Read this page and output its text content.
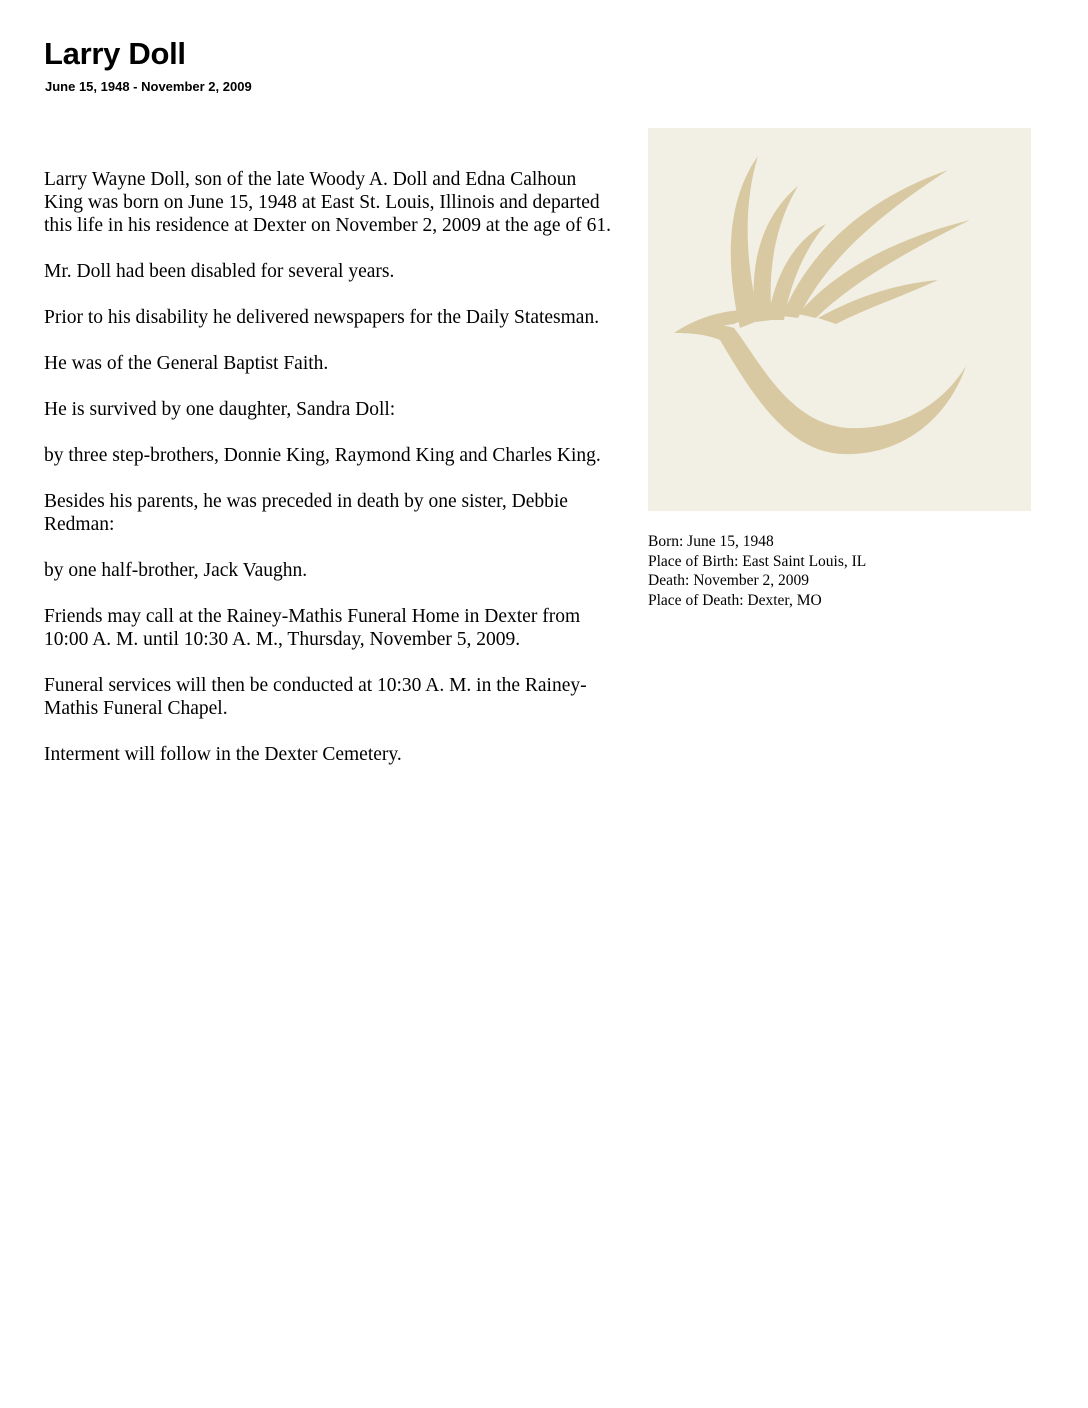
Larry Doll
June 15, 1948 - November 2, 2009

Larry Wayne Doll, son of the late Woody A. Doll and Edna Calhoun King was born on June 15, 1948 at East St. Louis, Illinois and departed this life in his residence at Dexter on November 2, 2009 at the age of 61.

Mr. Doll had been disabled for several years.

Prior to his disability he delivered newspapers for the Daily Statesman.

He was of the General Baptist Faith.

He is survived by one daughter, Sandra Doll:

by three step-brothers, Donnie King, Raymond King and Charles King.

Besides his parents, he was preceded in death by one sister, Debbie Redman:

by one half-brother, Jack Vaughn.

Friends may call at the Rainey-Mathis Funeral Home in Dexter from 10:00 A. M. until 10:30 A. M., Thursday, November 5, 2009.

Funeral services will then be conducted at 10:30 A. M. in the Rainey-Mathis Funeral Chapel.

Interment will follow in the Dexter Cemetery.

Born: June 15, 1948
Place of Birth: East Saint Louis, IL
Death: November 2, 2009
Place of Death: Dexter, MO
